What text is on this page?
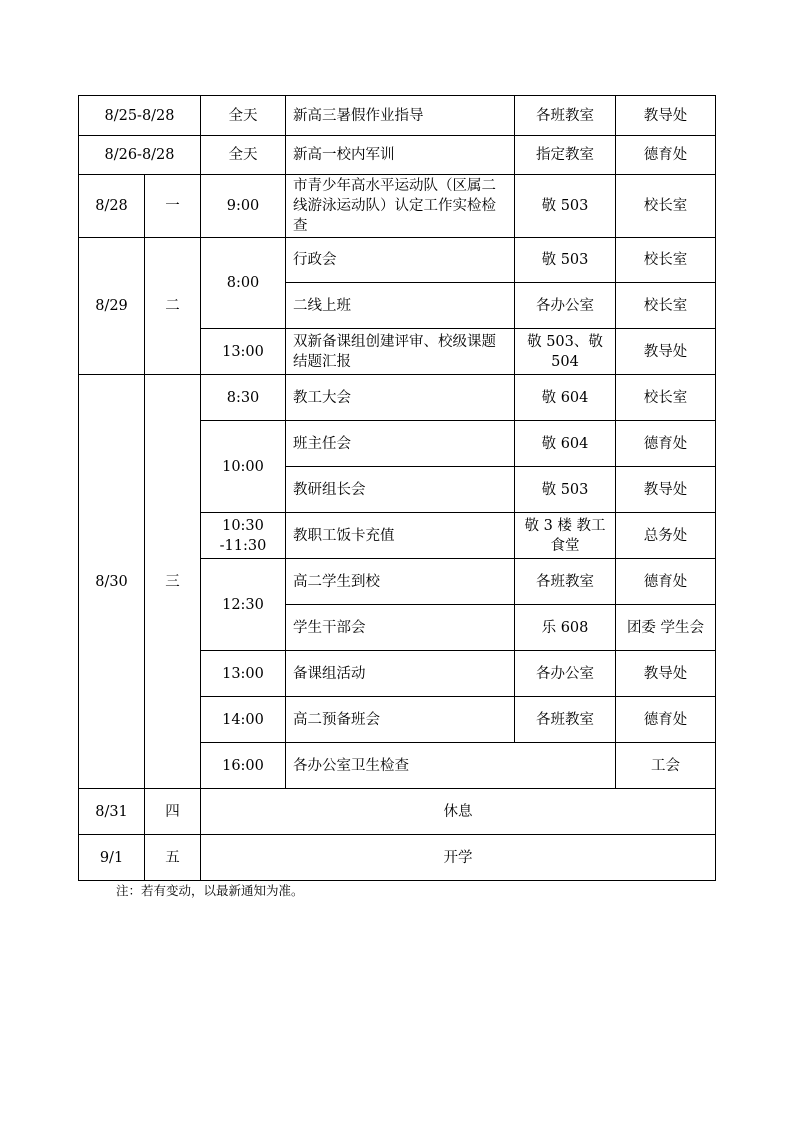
8/25-8/28		全天	新高三暑假作业指导	各班教室	教导处
8/26-8/28		全天	新高一校内军训	指定教室	德育处
8/28	一	9:00	市青少年高水平运动队（区属二线游泳运动队）认定工作实检检查	敬 503	校长室
8/29	二	8:00	行政会	敬 503	校长室
			二线上班	各办公室	校长室
		13:00	双新备课组创建评审、校级课题结题汇报	敬 503、敬 504	教导处
8/30	三	8:30	教工大会	敬 604	校长室
		10:00	班主任会	敬 604	德育处
			教研组长会	敬 503	教导处
		10:30 -11:30	教职工饭卡充值	敬 3 楼 教工食堂	总务处
		12:30	高二学生到校	各班教室	德育处
			学生干部会	乐 608	团委 学生会
		13:00	备课组活动	各办公室	教导处
		14:00	高二预备班会	各班教室	德育处
		16:00	各办公室卫生检查		工会
8/31	四	休息			
9/1	五	开学			
注：若有变动，以最新通知为准。
